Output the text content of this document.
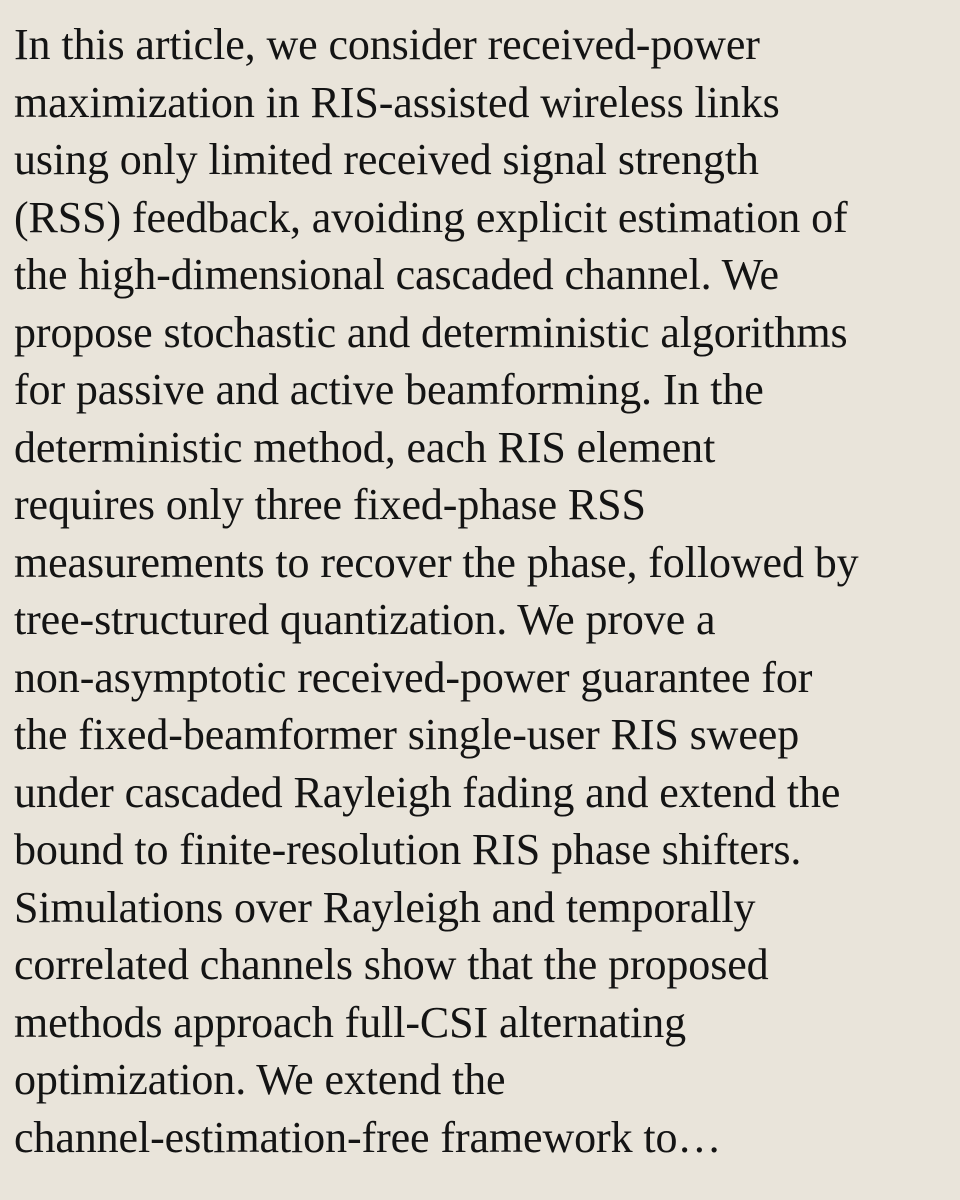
In this article, we consider received-power
maximization in RIS-assisted wireless links
using only limited received signal strength
(RSS) feedback, avoiding explicit estimation of
the high-dimensional cascaded channel. We
propose stochastic and deterministic algorithms
for passive and active beamforming. In the
deterministic method, each RIS element
requires only three fixed-phase RSS
measurements to recover the phase, followed by
tree-structured quantization. We prove a
non-asymptotic received-power guarantee for
the fixed-beamformer single-user RIS sweep
under cascaded Rayleigh fading and extend the
bound to finite-resolution RIS phase shifters.
Simulations over Rayleigh and temporally
correlated channels show that the proposed
methods approach full-CSI alternating
optimization. We extend the
channel-estimation-free framework to…
